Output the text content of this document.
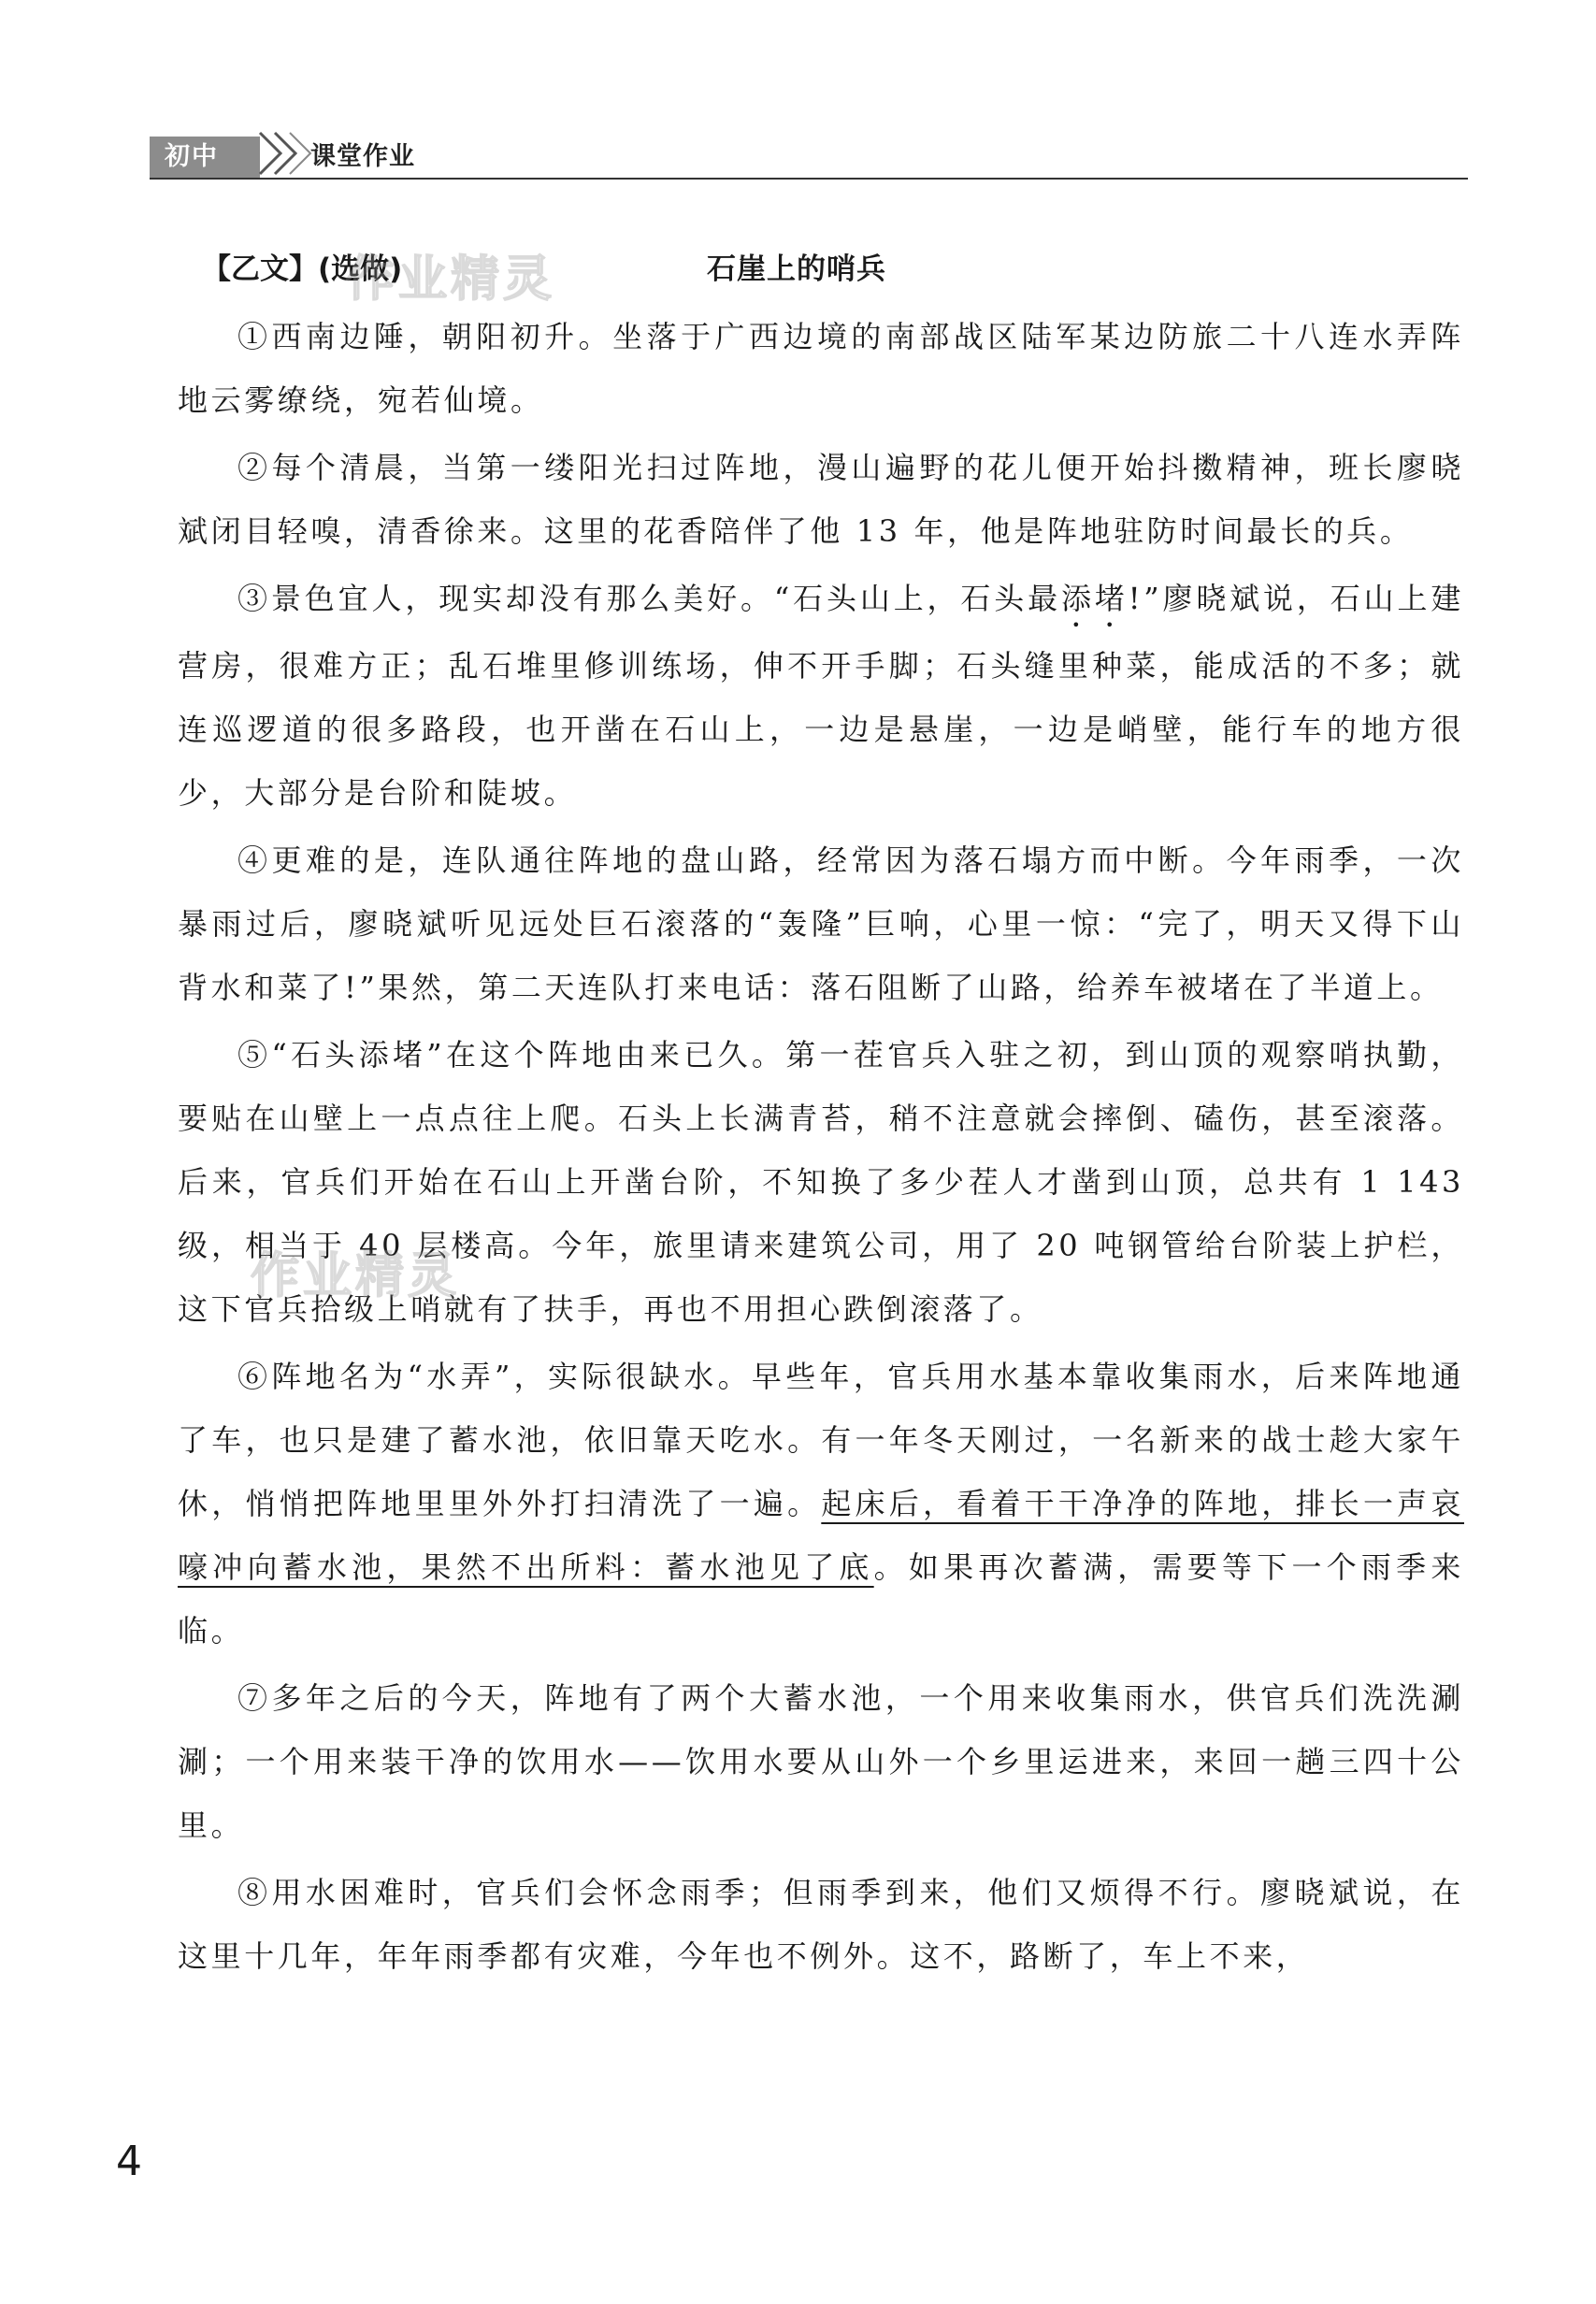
初中	课堂作业
【乙文】(选做)	石崖上的哨兵

①西南边陲，朝阳初升。坐落于广西边境的南部战区陆军某边防旅二十八连水弄阵地云雾缭绕，宛若仙境。

②每个清晨，当第一缕阳光扫过阵地，漫山遍野的花儿便开始抖擞精神，班长廖晓斌闭目轻嗅，清香徐来。这里的花香陪伴了他 13 年，他是阵地驻防时间最长的兵。

③景色宜人，现实却没有那么美好。“石头山上，石头最添堵!”廖晓斌说，石山上建营房，很难方正；乱石堆里修训练场，伸不开手脚；石头缝里种菜，能成活的不多；就连巡逻道的很多路段，也开凿在石山上，一边是悬崖，一边是峭壁，能行车的地方很少，大部分是台阶和陡坡。

④更难的是，连队通往阵地的盘山路，经常因为落石塌方而中断。今年雨季，一次暴雨过后，廖晓斌听见远处巨石滚落的“轰隆”巨响，心里一惊：“完了，明天又得下山背水和菜了!”果然，第二天连队打来电话：落石阻断了山路，给养车被堵在了半道上。

⑤“石头添堵”在这个阵地由来已久。第一茬官兵入驻之初，到山顶的观察哨执勤，要贴在山壁上一点点往上爬。石头上长满青苔，稍不注意就会摔倒、磕伤，甚至滚落。后来，官兵们开始在石山上开凿台阶，不知换了多少茬人才凿到山顶，总共有 1 143 级，相当于 40 层楼高。今年，旅里请来建筑公司，用了 20 吨钢管给台阶装上护栏，这下官兵拾级上哨就有了扶手，再也不用担心跌倒滚落了。

⑥阵地名为“水弄”，实际很缺水。早些年，官兵用水基本靠收集雨水，后来阵地通了车，也只是建了蓄水池，依旧靠天吃水。有一年冬天刚过，一名新来的战士趁大家午休，悄悄把阵地里里外外打扫清洗了一遍。起床后，看着干干净净的阵地，排长一声哀嚎冲向蓄水池，果然不出所料：蓄水池见了底。如果再次蓄满，需要等下一个雨季来临。

⑦多年之后的今天，阵地有了两个大蓄水池，一个用来收集雨水，供官兵们洗洗涮涮；一个用来装干净的饮用水——饮用水要从山外一个乡里运进来，来回一趟三四十公里。

⑧用水困难时，官兵们会怀念雨季；但雨季到来，他们又烦得不行。廖晓斌说，在这里十几年，年年雨季都有灾难，今年也不例外。这不，路断了，车上不来，

作业精灵
作业精灵
4
